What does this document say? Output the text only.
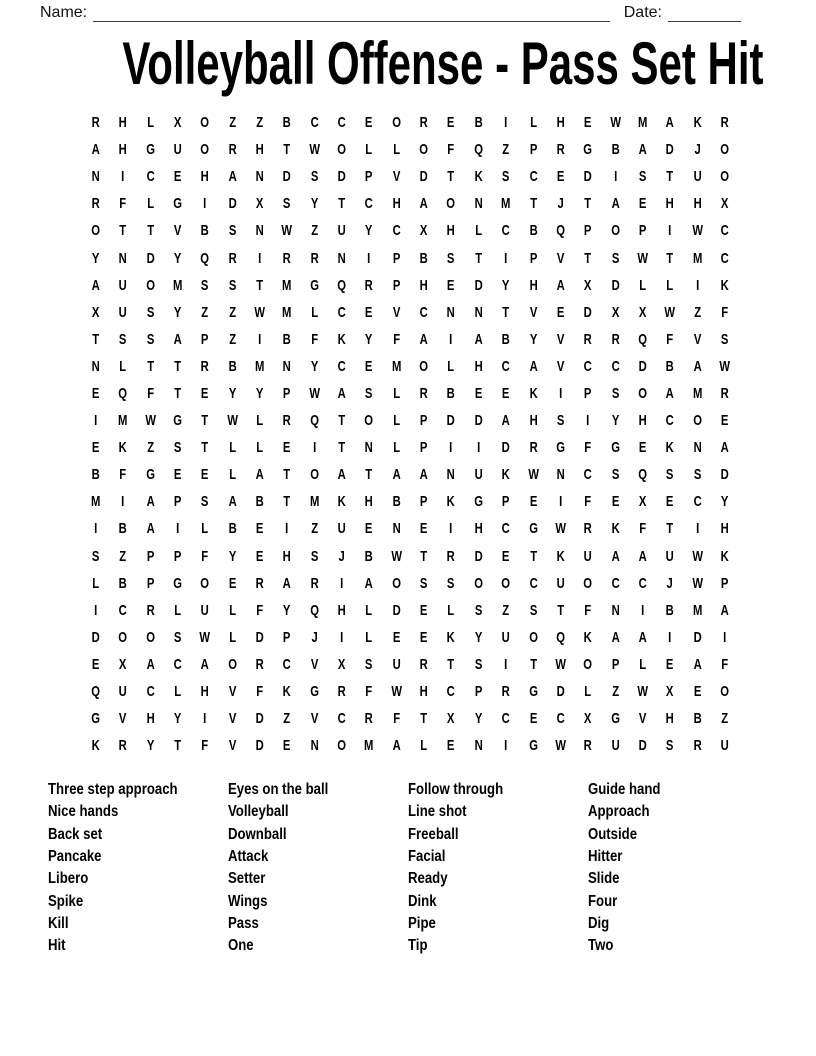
Name:	Date:
Volleyball Offense - Pass Set Hit
R	H	L	X	O	Z	Z	B	C	C	E	O	R	E	B	I	L	H	E	W	M	A	K	R
A	H	G	U	O	R	H	T	W	O	L	L	O	F	Q	Z	P	R	G	B	A	D	J	O
N	I	C	E	H	A	N	D	S	D	P	V	D	T	K	S	C	E	D	I	S	T	U	O
R	F	L	G	I	D	X	S	Y	T	C	H	A	O	N	M	T	J	T	A	E	H	H	X
O	T	T	V	B	S	N	W	Z	U	Y	C	X	H	L	C	B	Q	P	O	P	I	W	C
Y	N	D	Y	Q	R	I	R	R	N	I	P	B	S	T	I	P	V	T	S	W	T	M	C
A	U	O	M	S	S	T	M	G	Q	R	P	H	E	D	Y	H	A	X	D	L	L	I	K
X	U	S	Y	Z	Z	W	M	L	C	E	V	C	N	N	T	V	E	D	X	X	W	Z	F
T	S	S	A	P	Z	I	B	F	K	Y	F	A	I	A	B	Y	V	R	R	Q	F	V	S
N	L	T	T	R	B	M	N	Y	C	E	M	O	L	H	C	A	V	C	C	D	B	A	W
E	Q	F	T	E	Y	Y	P	W	A	S	L	R	B	E	E	K	I	P	S	O	A	M	R
I	M	W	G	T	W	L	R	Q	T	O	L	P	D	D	A	H	S	I	Y	H	C	O	E
E	K	Z	S	T	L	L	E	I	T	N	L	P	I	I	D	R	G	F	G	E	K	N	A
B	F	G	E	E	L	A	T	O	A	T	A	A	N	U	K	W	N	C	S	Q	S	S	D
M	I	A	P	S	A	B	T	M	K	H	B	P	K	G	P	E	I	F	E	X	E	C	Y
I	B	A	I	L	B	E	I	Z	U	E	N	E	I	H	C	G	W	R	K	F	T	I	H
S	Z	P	P	F	Y	E	H	S	J	B	W	T	R	D	E	T	K	U	A	A	U	W	K
L	B	P	G	O	E	R	A	R	I	A	O	S	S	O	O	C	U	O	C	C	J	W	P
I	C	R	L	U	L	F	Y	Q	H	L	D	E	L	S	Z	S	T	F	N	I	B	M	A
D	O	O	S	W	L	D	P	J	I	L	E	E	K	Y	U	O	Q	K	A	A	I	D	I
E	X	A	C	A	O	R	C	V	X	S	U	R	T	S	I	T	W	O	P	L	E	A	F
Q	U	C	L	H	V	F	K	G	R	F	W	H	C	P	R	G	D	L	Z	W	X	E	O
G	V	H	Y	I	V	D	Z	V	C	R	F	T	X	Y	C	E	C	X	G	V	H	B	Z
K	R	Y	T	F	V	D	E	N	O	M	A	L	E	N	I	G	W	R	U	D	S	R	U
Three step approach
Nice hands
Back set
Pancake
Libero
Spike
Kill
Hit
Eyes on the ball
Volleyball
Downball
Attack
Setter
Wings
Pass
One
Follow through
Line shot
Freeball
Facial
Ready
Dink
Pipe
Tip
Guide hand
Approach
Outside
Hitter
Slide
Four
Dig
Two
